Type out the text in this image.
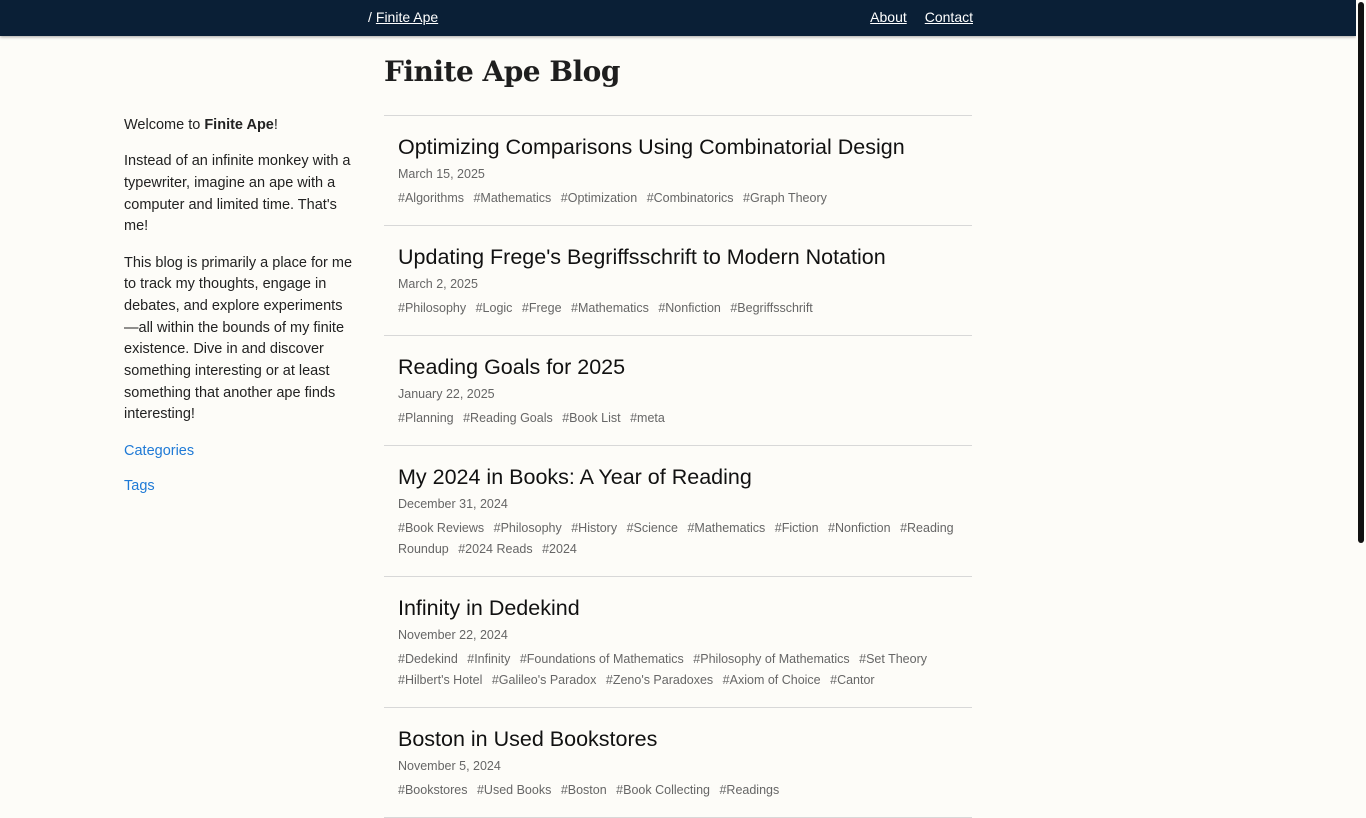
/ Finite Ape	About Contact

Welcome to Finite Ape!

Instead of an infinite monkey with a typewriter, imagine an ape with a computer and limited time. That's me!

This blog is primarily a place for me to track my thoughts, engage in debates, and explore experiments—all within the bounds of my finite existence. Dive in and discover something interesting or at least something that another ape finds interesting!

Categories
Tags
Finite Ape Blog
Optimizing Comparisons Using Combinatorial Design
March 15, 2025
#Algorithms #Mathematics #Optimization #Combinatorics #Graph Theory
Updating Frege's Begriffsschrift to Modern Notation
March 2, 2025
#Philosophy #Logic #Frege #Mathematics #Nonfiction #Begriffsschrift
Reading Goals for 2025
January 22, 2025
#Planning #Reading Goals #Book List #meta
My 2024 in Books: A Year of Reading
December 31, 2024
#Book Reviews #Philosophy #History #Science #Mathematics #Fiction #Nonfiction #Reading Roundup #2024 Reads #2024
Infinity in Dedekind
November 22, 2024
#Dedekind #Infinity #Foundations of Mathematics #Philosophy of Mathematics #Set Theory #Hilbert's Hotel #Galileo's Paradox #Zeno's Paradoxes #Axiom of Choice #Cantor
Boston in Used Bookstores
November 5, 2024
#Bookstores #Used Books #Boston #Book Collecting #Readings
